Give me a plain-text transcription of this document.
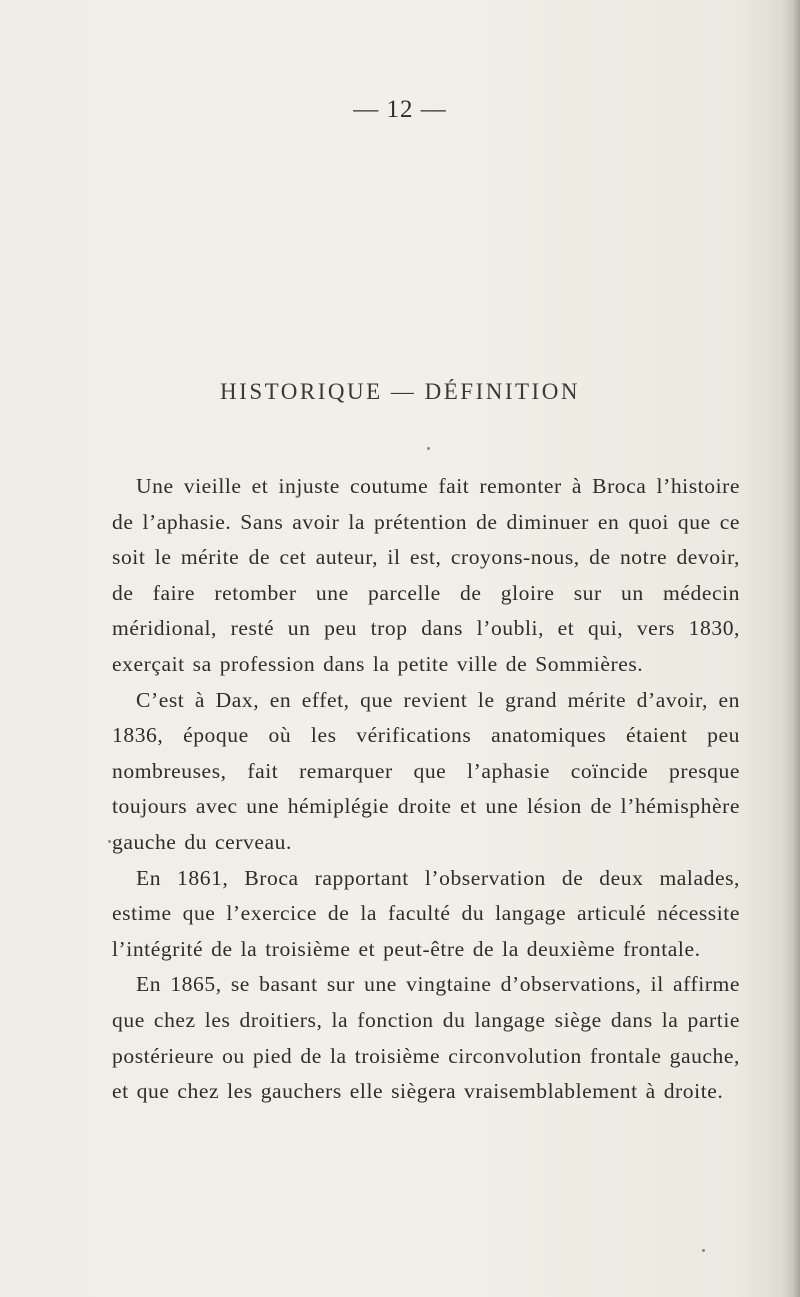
— 12 —
HISTORIQUE — DÉFINITION

Une vieille et injuste coutume fait remonter à Broca l’histoire de l’aphasie. Sans avoir la prétention de diminuer en quoi que ce soit le mérite de cet auteur, il est, croyons-nous, de notre devoir, de faire retomber une parcelle de gloire sur un médecin méridional, resté un peu trop dans l’oubli, et qui, vers 1830, exerçait sa profession dans la petite ville de Sommières.

C’est à Dax, en effet, que revient le grand mérite d’avoir, en 1836, époque où les vérifications anatomiques étaient peu nombreuses, fait remarquer que l’aphasie coïncide presque toujours avec une hémiplégie droite et une lésion de l’hémisphère gauche du cerveau.

En 1861, Broca rapportant l’observation de deux malades, estime que l’exercice de la faculté du langage articulé nécessite l’intégrité de la troisième et peut-être de la deuxième frontale.

En 1865, se basant sur une vingtaine d’observations, il affirme que chez les droitiers, la fonction du langage siège dans la partie postérieure ou pied de la troisième circonvolution frontale gauche, et que chez les gauchers elle siègera vraisemblablement à droite.
